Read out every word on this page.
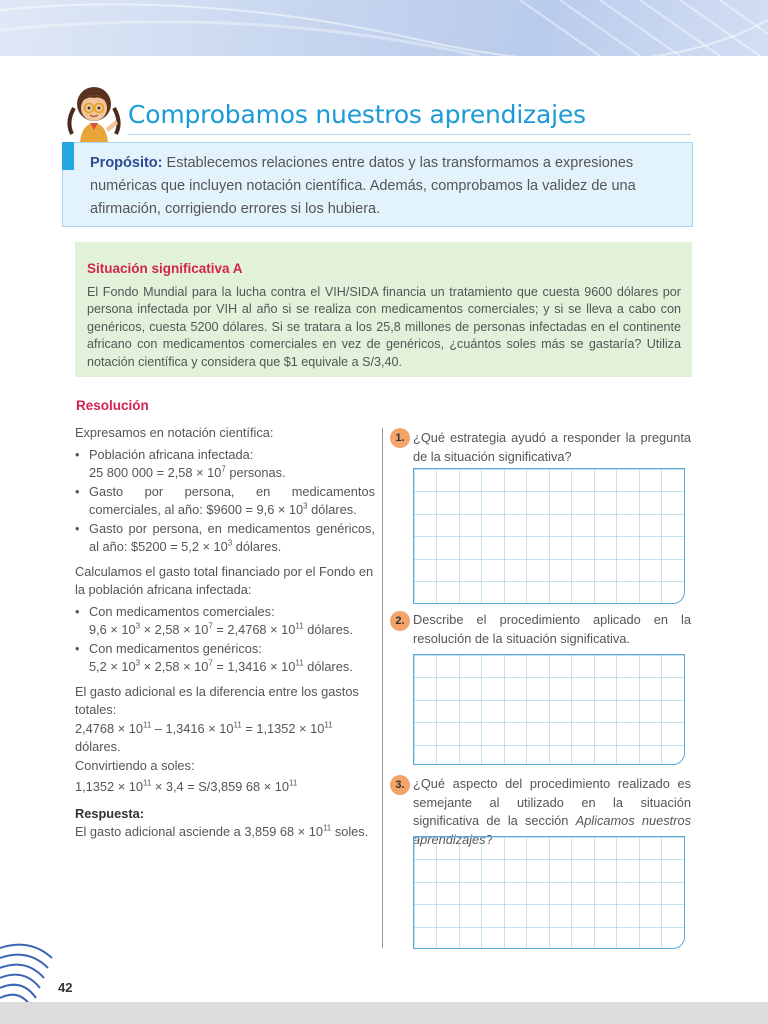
Comprobamos nuestros aprendizajes
Propósito: Establecemos relaciones entre datos y las transformamos a expresiones numéricas que incluyen notación científica. Además, comprobamos la validez de una afirmación, corrigiendo errores si los hubiera.
Situación significativa A
El Fondo Mundial para la lucha contra el VIH/SIDA financia un tratamiento que cuesta 9600 dólares por persona infectada por VIH al año si se realiza con medicamentos comerciales; y si se lleva a cabo con genéricos, cuesta 5200 dólares. Si se tratara a los 25,8 millones de personas infectadas en el continente africano con medicamentos comerciales en vez de genéricos, ¿cuántos soles más se gastaría? Utiliza notación científica y considera que $1 equivale a S/3,40.
Resolución

Expresamos en notación científica:

• Población africana infectada:
25 800 $000 = 2,58 \times 10^7$ personas.
• Gasto por persona, en medicamentos comerciales, al año: $9600 = $9,6 \times 10^3$ dólares.
• Gasto por persona, en medicamentos genéricos, al año: $5200 = $5,2 \times 10^3$ dólares.

Calculamos el gasto total financiado por el Fondo en la población africana infectada:

• Con medicamentos comerciales:
$9,6 \times 10^3 \times 2,58 \times 10^7 = 2,4768 \times 10^{11}$ dólares.
• Con medicamentos genéricos:
$5,2 \times 10^3 \times 2,58 \times 10^7 = 1,3416 \times 10^{11}$ dólares.

El gasto adicional es la diferencia entre los gastos totales:

$2,4768 \times 10^{11} - 1,3416 \times 10^{11} = 1,1352 \times 10^{11}$ dólares.
Convirtiendo a soles:
$1,1352 \times 10^{11} \times 3,4 = S/3,859$ $68 \times 10^{11}$
Respuesta:
El gasto adicional asciende a 3,859 $68 \times 10^{11}$ soles.
1. ¿Qué estrategia ayudó a responder la pregunta de la situación significativa?
2. Describe el procedimiento aplicado en la resolución de la situación significativa.
3. ¿Qué aspecto del procedimiento realizado es semejante al utilizado en la situación significativa de la sección Aplicamos nuestros
42
